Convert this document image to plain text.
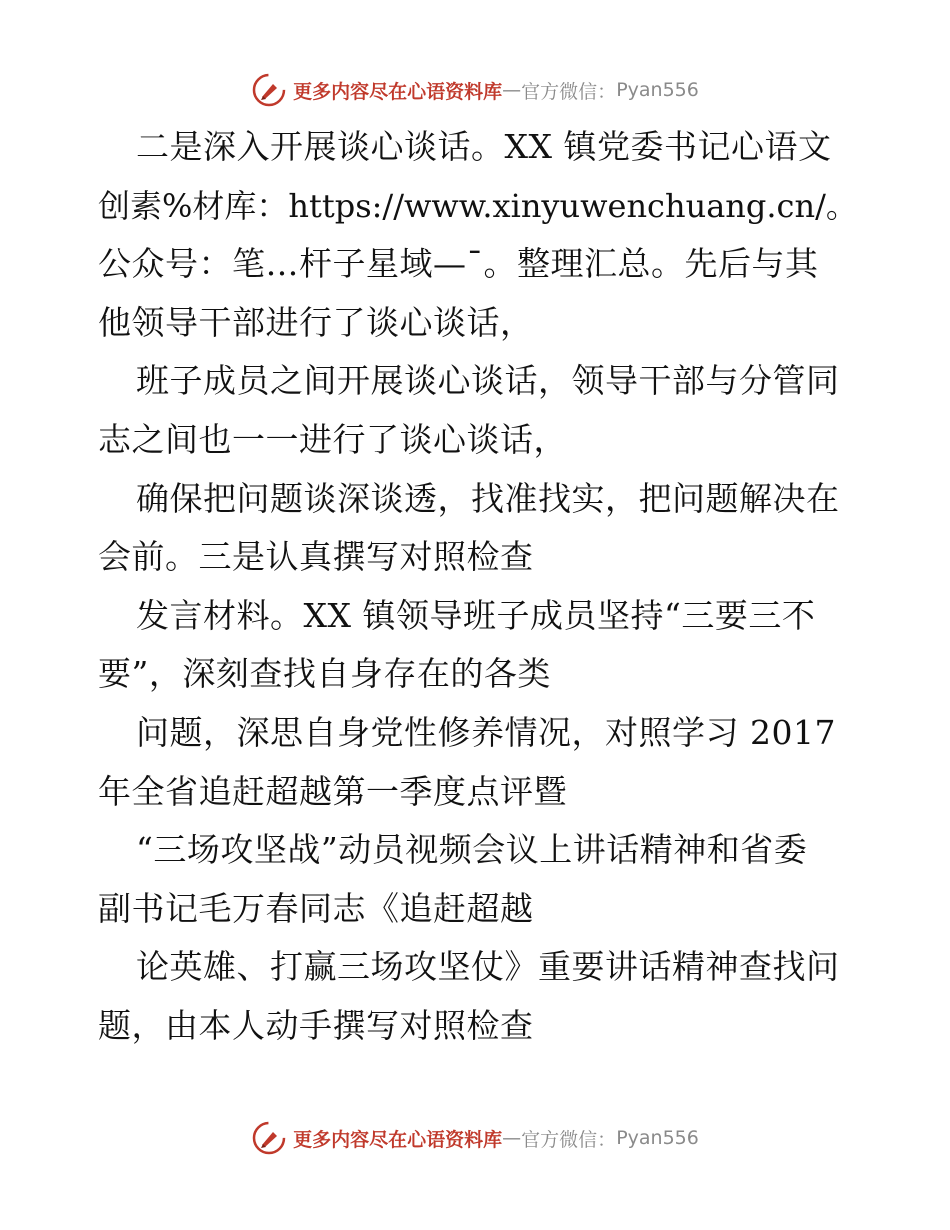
更多内容尽在心语资料库 — 官方微信： Pyan556
二是深入开展谈心谈话。XX 镇党委书记心语文
创素%材库：https://www.xinyuwenchuang.cn/。
公众号：笔…杆子星域—¯。整理汇总。先后与其
他领导干部进行了谈心谈话，
班子成员之间开展谈心谈话，领导干部与分管同
志之间也一一进行了谈心谈话，
确保把问题谈深谈透，找准找实，把问题解决在
会前。三是认真撰写对照检查
发言材料。XX 镇领导班子成员坚持“三要三不
要”，深刻查找自身存在的各类
问题，深思自身党性修养情况，对照学习 2017
年全省追赶超越第一季度点评暨
“三场攻坚战”动员视频会议上讲话精神和省委
副书记毛万春同志《追赶超越
论英雄、打赢三场攻坚仗》重要讲话精神查找问
题，由本人动手撰写对照检查
更多内容尽在心语资料库 — 官方微信： Pyan556
